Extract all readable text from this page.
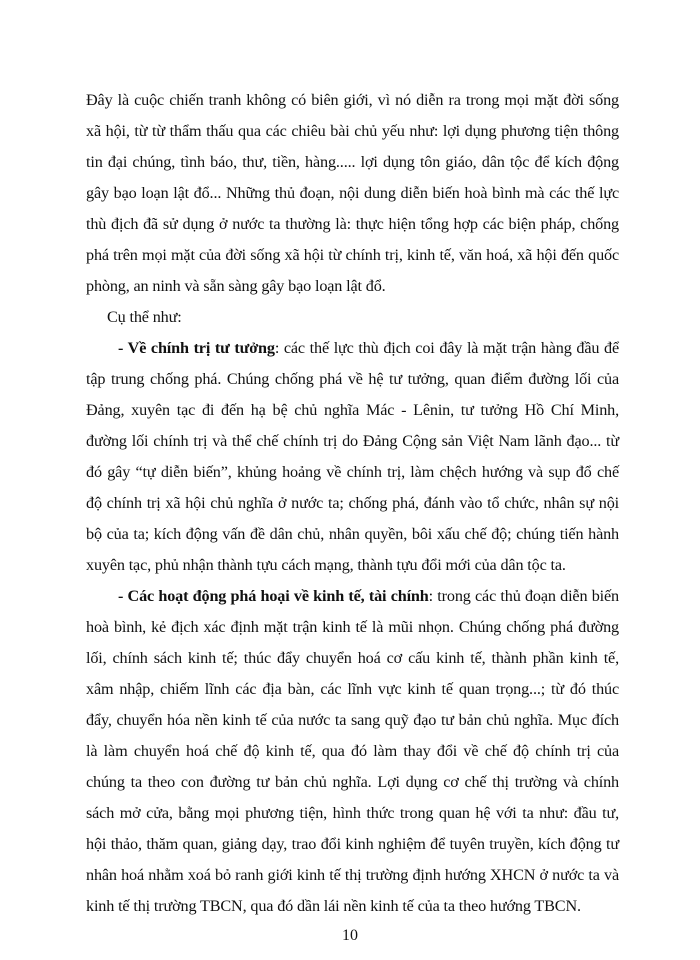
Đây là cuộc chiến tranh không có biên giới, vì nó diễn ra trong mọi mặt đời sống
xã hội, từ từ thẩm thấu qua các chiêu bài chủ yếu như: lợi dụng phương tiện thông
tin đại chúng, tình báo, thư, tiền, hàng..... lợi dụng tôn giáo, dân tộc để kích động
gây bạo loạn lật đổ... Những thủ đoạn, nội dung diễn biến hoà bình mà các thế lực
thù địch đã sử dụng ở nước ta thường là: thực hiện tổng hợp các biện pháp, chống
phá trên mọi mặt của đời sống xã hội từ chính trị, kinh tế, văn hoá, xã hội đến quốc
phòng, an ninh và sẵn sàng gây bạo loạn lật đổ.
Cụ thể như:
- Về chính trị tư tưởng: các thế lực thù địch coi đây là mặt trận hàng đầu để
tập trung chống phá. Chúng chống phá về hệ tư tưởng, quan điểm đường lối của
Đảng, xuyên tạc đi đến hạ bệ chủ nghĩa Mác - Lênin, tư tưởng Hồ Chí Minh,
đường lối chính trị và thể chế chính trị do Đảng Cộng sản Việt Nam lãnh đạo... từ
đó gây “tự diễn biến”, khủng hoảng về chính trị, làm chệch hướng và sụp đổ chế
độ chính trị xã hội chủ nghĩa ở nước ta; chống phá, đánh vào tổ chức, nhân sự nội
bộ của ta; kích động vấn đề dân chủ, nhân quyền, bôi xấu chế độ; chúng tiến hành
xuyên tạc, phủ nhận thành tựu cách mạng, thành tựu đổi mới của dân tộc ta.
- Các hoạt động phá hoại về kinh tế, tài chính: trong các thủ đoạn diễn biến
hoà bình, kẻ địch xác định mặt trận kinh tế là mũi nhọn. Chúng chống phá đường
lối, chính sách kinh tế; thúc đẩy chuyển hoá cơ cấu kinh tế, thành phần kinh tế,
xâm nhập, chiếm lĩnh các địa bàn, các lĩnh vực kinh tế quan trọng...; từ đó thúc
đẩy, chuyển hóa nền kinh tế của nước ta sang quỹ đạo tư bản chủ nghĩa. Mục đích
là làm chuyển hoá chế độ kinh tế, qua đó làm thay đổi về chế độ chính trị của
chúng ta theo con đường tư bản chủ nghĩa. Lợi dụng cơ chế thị trường và chính
sách mở cửa, bằng mọi phương tiện, hình thức trong quan hệ với ta như: đầu tư,
hội thảo, thăm quan, giảng dạy, trao đổi kinh nghiệm để tuyên truyền, kích động tư
nhân hoá nhằm xoá bỏ ranh giới kinh tế thị trường định hướng XHCN ở nước ta và
kinh tế thị trường TBCN, qua đó dần lái nền kinh tế của ta theo hướng TBCN.
10
